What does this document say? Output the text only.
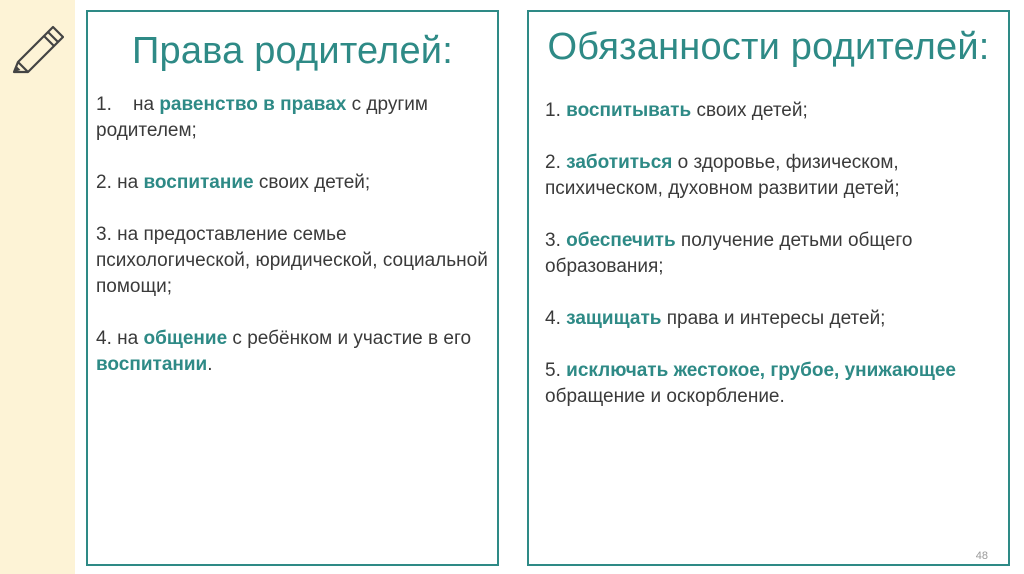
Права родителей:
1. на равенство в правах с другим родителем;
2. на воспитание своих детей;
3. на предоставление семье психологической, юридической, социальной помощи;
4. на общение с ребёнком и участие в его воспитании.
Обязанности родителей:
1. воспитывать своих детей;
2. заботиться о здоровье, физическом, психическом, духовном развитии детей;
3. обеспечить получение детьми общего образования;
4. защищать права и интересы детей;
5. исключать жестокое, грубое, унижающее обращение и оскорбление.
48
